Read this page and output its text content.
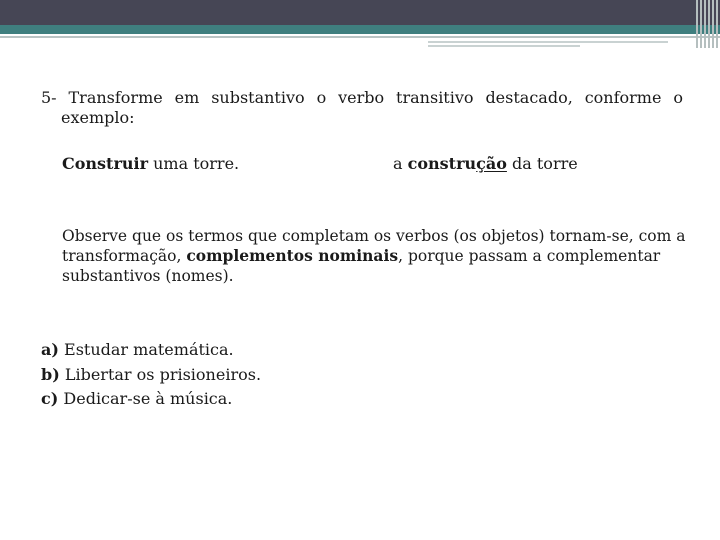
5- Transforme em substantivo o verbo transitivo destacado, conforme o
exemplo:
Construir uma torre.	a construção da torre
Observe que os termos que completam os verbos (os objetos) tornam-se, com a
transformação, complementos nominais, porque passam a complementar
substantivos (nomes).
a) Estudar matemática.
b) Libertar os prisioneiros.
c) Dedicar-se à música.
